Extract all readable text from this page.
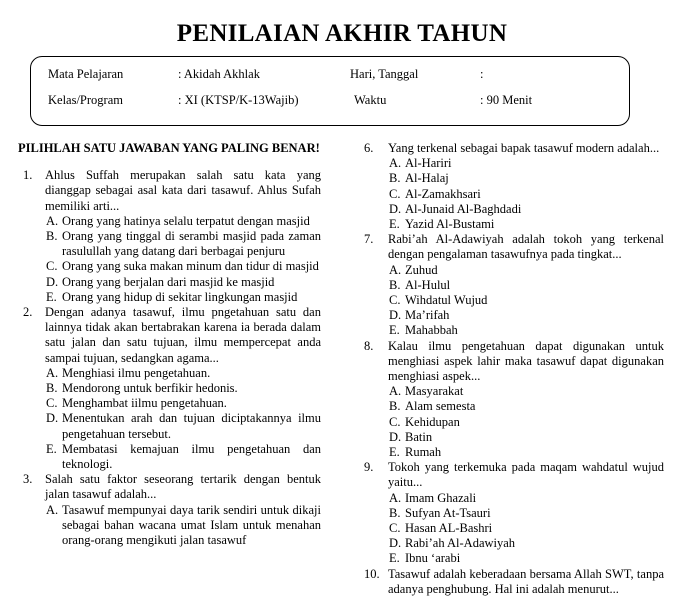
PENILAIAN AKHIR TAHUN
Mata Pelajaran	: Akidah Akhlak	Hari, Tanggal	:
Kelas/Program	: XI (KTSP/K-13Wajib)	Waktu	: 90 Menit
PILIHLAH SATU JAWABAN YANG PALING BENAR!
1. Ahlus Suffah merupakan salah satu kata yang dianggap sebagai asal kata dari tasawuf. Ahlus Sufah memiliki arti...
A. Orang yang hatinya selalu terpatut dengan masjid
B. Orang yang tinggal di serambi masjid pada zaman rasulullah yang datang dari berbagai penjuru
C. Orang yang suka makan minum dan tidur di masjid
D. Orang yang berjalan dari masjid ke masjid
E. Orang yang hidup di sekitar lingkungan masjid
2. Dengan adanya tasawuf, ilmu pngetahuan satu dan lainnya tidak akan bertabrakan karena ia berada dalam satu jalan dan satu tujuan, ilmu mempercepat anda sampai tujuan, sedangkan agama...
A. Menghiasi ilmu pengetahuan.
B. Mendorong untuk berfikir hedonis.
C. Menghambat iilmu pengetahuan.
D. Menentukan arah dan tujuan diciptakannya ilmu pengetahuan tersebut.
E. Membatasi kemajuan ilmu pengetahuan dan teknologi.
3. Salah satu faktor seseorang tertarik dengan bentuk jalan tasawuf adalah...
A. Tasawuf mempunyai daya tarik sendiri untuk dikaji sebagai bahan wacana umat Islam untuk menahan orang-orang mengikuti jalan tasawuf
6. Yang terkenal sebagai bapak tasawuf modern adalah...
A. Al-Hariri
B. Al-Halaj
C. Al-Zamakhsari
D. Al-Junaid Al-Baghdadi
E. Yazid Al-Bustami
7. Rabi’ah Al-Adawiyah adalah tokoh yang terkenal dengan pengalaman tasawufnya pada tingkat...
A. Zuhud
B. Al-Hulul
C. Wihdatul Wujud
D. Ma’rifah
E. Mahabbah
8. Kalau ilmu pengetahuan dapat digunakan untuk menghiasi aspek lahir maka tasawuf dapat digunakan menghiasi aspek...
A. Masyarakat
B. Alam semesta
C. Kehidupan
D. Batin
E. Rumah
9. Tokoh yang terkemuka pada maqam wahdatul wujud yaitu...
A. Imam Ghazali
B. Sufyan At-Tsauri
C. Hasan AL-Bashri
D. Rabi’ah Al-Adawiyah
E. Ibnu ‘arabi
10. Tasawuf adalah keberadaan bersama Allah SWT, tanpa adanya penghubung. Hal ini adalah menurut...
